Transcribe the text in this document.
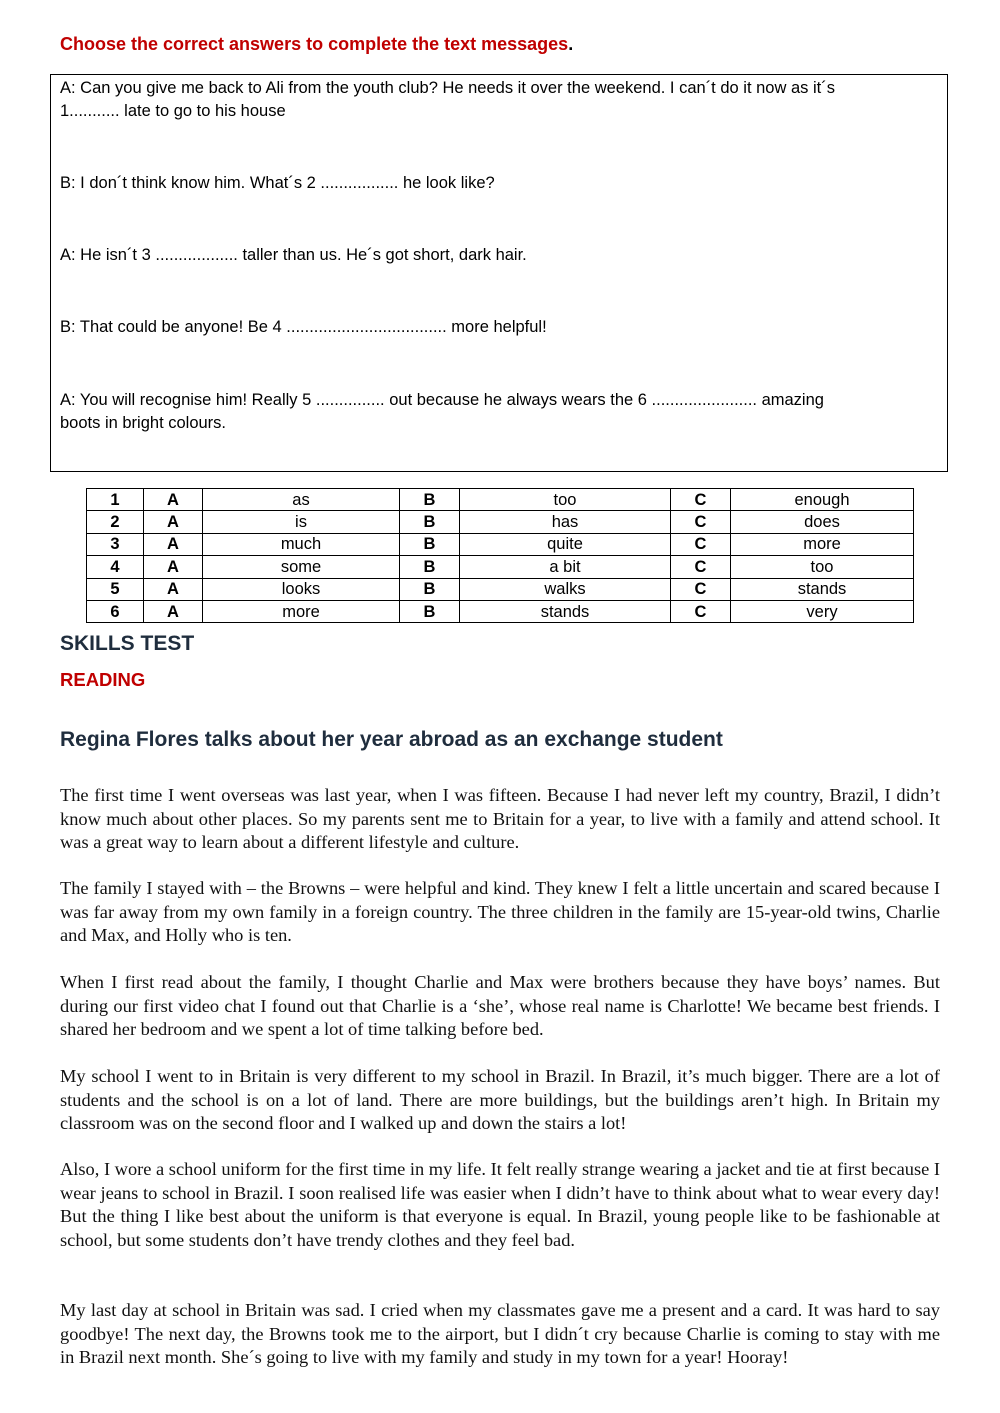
Choose the correct answers to complete the text messages.
A: Can you give me back to Ali from the youth club? He needs it over the weekend. I can´t do it now as it´s
1........... late to go to his house
B: I don´t think know him. What´s 2 ................. he look like?
A: He isn´t 3 .................. taller than us. He´s got short, dark hair.
B: That could be anyone! Be 4 ................................... more helpful!
A: You will recognise him! Really 5 ............... out because he always wears the 6 ....................... amazing
boots in bright colours.
1	A	as	B	too	C	enough
2	A	is	B	has	C	does
3	A	much	B	quite	C	more
4	A	some	B	a bit	C	too
5	A	looks	B	walks	C	stands
6	A	more	B	stands	C	very
SKILLS TEST
READING
Regina Flores talks about her year abroad as an exchange student

The first time I went overseas was last year, when I was fifteen. Because I had never left my country, Brazil, I didn’t know much about other places. So my parents sent me to Britain for a year, to live with a family and attend school. It was a great way to learn about a different lifestyle and culture.

The family I stayed with – the Browns – were helpful and kind. They knew I felt a little uncertain and scared because I was far away from my own family in a foreign country. The three children in the family are 15-year-old twins, Charlie and Max, and Holly who is ten.

When I first read about the family, I thought Charlie and Max were brothers because they have boys’ names. But during our first video chat I found out that Charlie is a ‘she’, whose real name is Charlotte! We became best friends. I shared her bedroom and we spent a lot of time talking before bed.

My school I went to in Britain is very different to my school in Brazil. In Brazil, it’s much bigger. There are a lot of students and the school is on a lot of land. There are more buildings, but the buildings aren’t high. In Britain my classroom was on the second floor and I walked up and down the stairs a lot!

Also, I wore a school uniform for the first time in my life. It felt really strange wearing a jacket and tie at first because I wear jeans to school in Brazil. I soon realised life was easier when I didn’t have to think about what to wear every day! But the thing I like best about the uniform is that everyone is equal. In Brazil, young people like to be fashionable at school, but some students don’t have trendy clothes and they feel bad.

My last day at school in Britain was sad. I cried when my classmates gave me a present and a card. It was hard to say goodbye! The next day, the Browns took me to the airport, but I didn´t cry because Charlie is coming to stay with me in Brazil next month. She´s going to live with my family and study in my town for a year! Hooray!
